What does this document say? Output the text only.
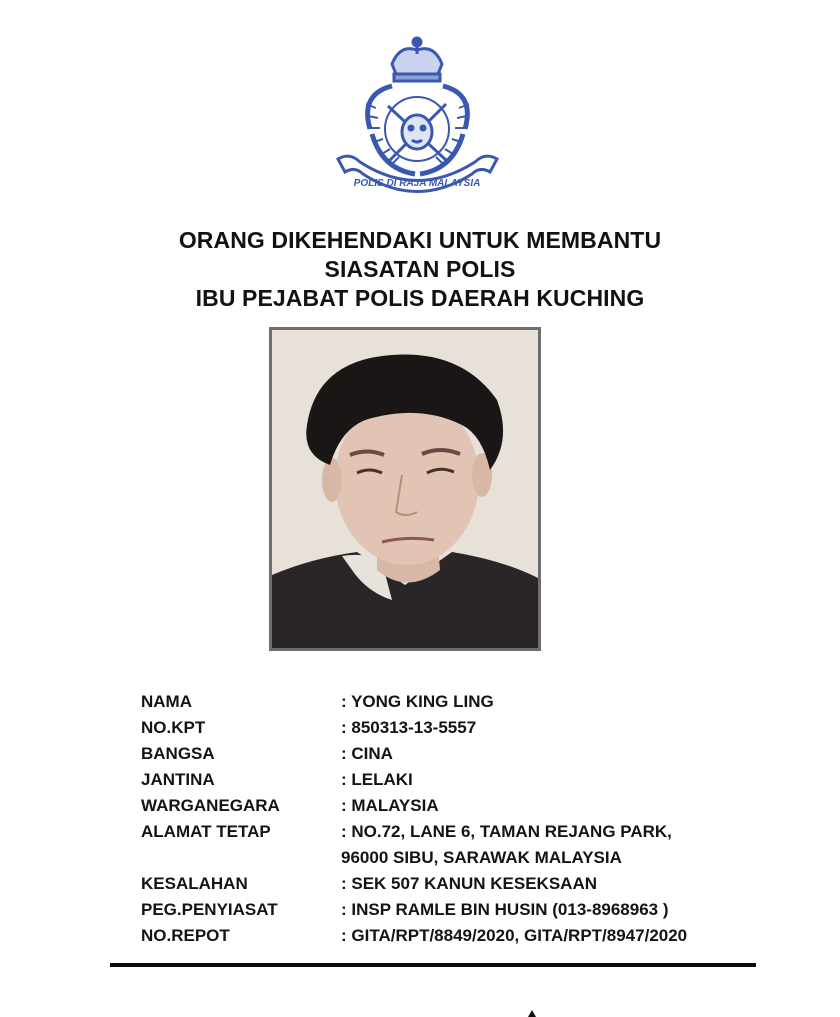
POLIS DI RAJA MALAYSIA
ORANG DIKEHENDAKI UNTUK MEMBANTU
SIASATAN POLIS
IBU PEJABAT POLIS DAERAH KUCHING
NAMA	: YONG KING LING
NO.KPT	: 850313-13-5557
BANGSA	: CINA
JANTINA	: LELAKI
WARGANEGARA	: MALAYSIA
ALAMAT TETAP	: NO.72, LANE 6, TAMAN REJANG PARK,
96000 SIBU, SARAWAK MALAYSIA
KESALAHAN	: SEK 507 KANUN KESEKSAAN
PEG.PENYIASAT	: INSP RAMLE BIN HUSIN (013-8968963 )
NO.REPOT	: GITA/RPT/8849/2020, GITA/RPT/8947/2020
